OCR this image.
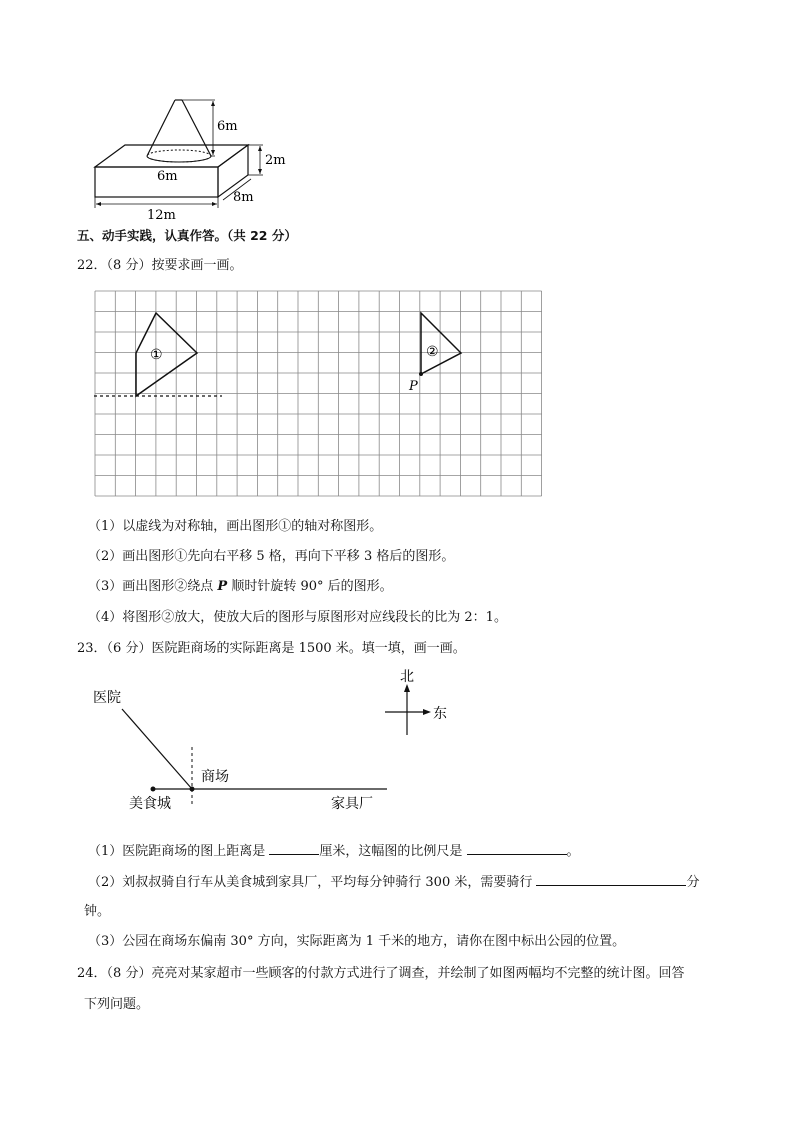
6m
2m
6m
8m
12m
五、动手实践，认真作答。（共 22 分）
22．（8 分）按要求画一画。
①	②
P
（1）以虚线为对称轴，画出图形①的轴对称图形。
（2）画出图形①先向右平移 5 格，再向下平移 3 格后的图形。
（3）画出图形②绕点 P 顺时针旋转 90° 后的图形。
（4）将图形②放大，使放大后的图形与原图形对应线段长的比为 2：1。
23．（6 分）医院距商场的实际距离是 1500 米。填一填，画一画。
北
东
医院
商场
美食城	家具厂
（1）医院距商场的图上距离是	厘米，这幅图的比例尺是	。
（2）刘叔叔骑自行车从美食城到家具厂，平均每分钟骑行 300 米，需要骑行	分
钟。
（3）公园在商场东偏南 30° 方向，实际距离为 1 千米的地方，请你在图中标出公园的位置。
24．（8 分）亮亮对某家超市一些顾客的付款方式进行了调查，并绘制了如图两幅均不完整的统计图。回答
下列问题。
